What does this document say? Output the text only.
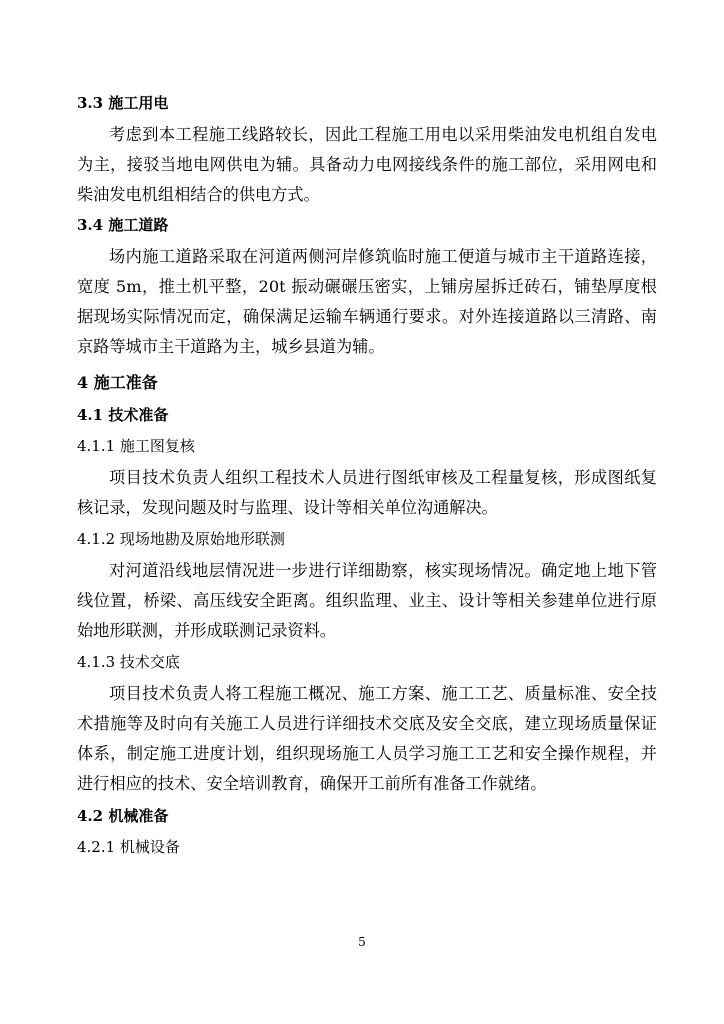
3.3 施工用电

考虑到本工程施工线路较长，因此工程施工用电以采用柴油发电机组自发电为主，接驳当地电网供电为辅。具备动力电网接线条件的施工部位，采用网电和柴油发电机组相结合的供电方式。

3.4 施工道路

场内施工道路采取在河道两侧河岸修筑临时施工便道与城市主干道路连接，宽度 5m，推土机平整，20t 振动碾碾压密实，上铺房屋拆迁砖石，铺垫厚度根据现场实际情况而定，确保满足运输车辆通行要求。对外连接道路以三清路、南京路等城市主干道路为主，城乡县道为辅。

4 施工准备

4.1 技术准备

4.1.1 施工图复核

项目技术负责人组织工程技术人员进行图纸审核及工程量复核，形成图纸复核记录，发现问题及时与监理、设计等相关单位沟通解决。

4.1.2 现场地勘及原始地形联测

对河道沿线地层情况进一步进行详细勘察，核实现场情况。确定地上地下管线位置，桥梁、高压线安全距离。组织监理、业主、设计等相关参建单位进行原始地形联测，并形成联测记录资料。

4.1.3 技术交底

项目技术负责人将工程施工概况、施工方案、施工工艺、质量标准、安全技术措施等及时向有关施工人员进行详细技术交底及安全交底，建立现场质量保证体系，制定施工进度计划，组织现场施工人员学习施工工艺和安全操作规程，并进行相应的技术、安全培训教育，确保开工前所有准备工作就绪。

4.2 机械准备

4.2.1 机械设备

5
